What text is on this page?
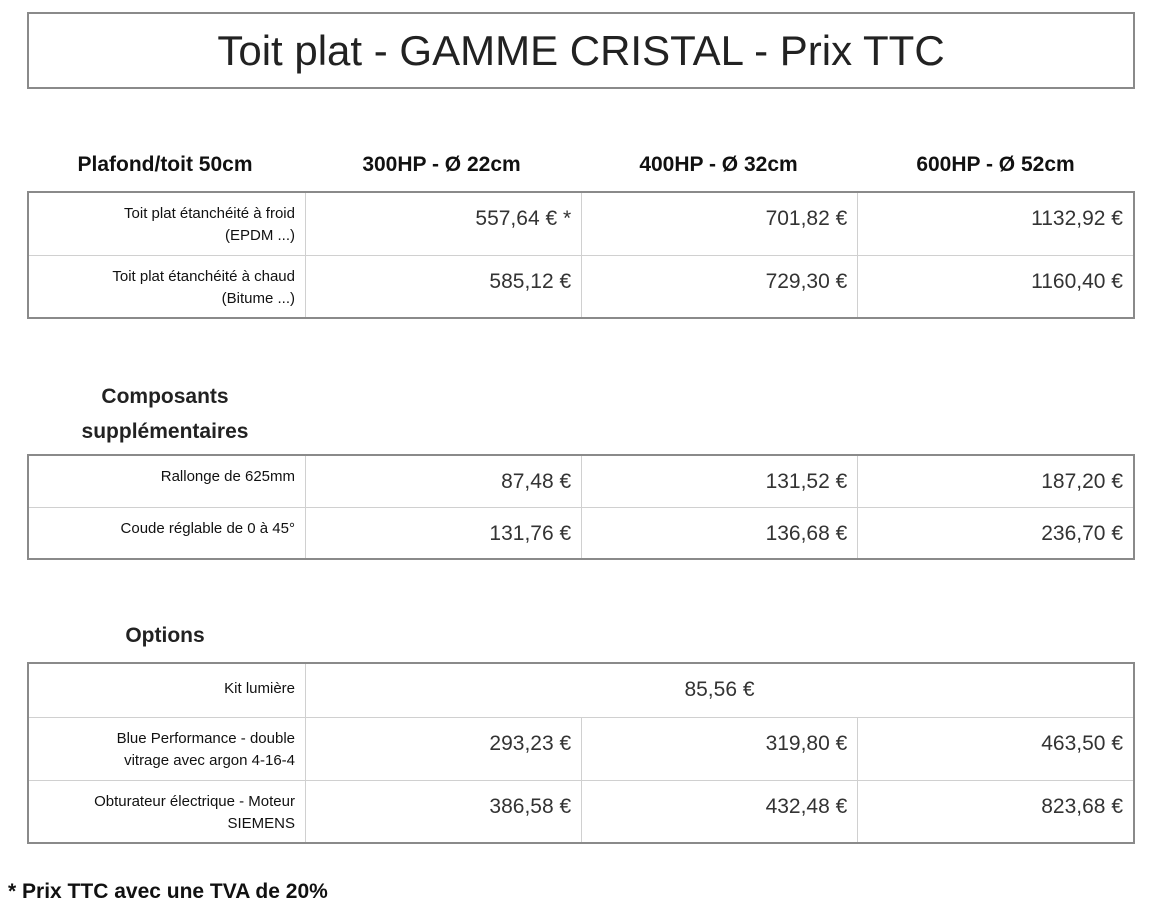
Toit plat - GAMME CRISTAL - Prix TTC
Plafond/toit 50cm	300HP - Ø 22cm	400HP - Ø 32cm	600HP - Ø 52cm
Toit plat étanchéité à froid
(EPDM ...)	557,64 € *	701,82 €	1132,92 €
Toit plat étanchéité à chaud
(Bitume ...)	585,12 €	729,30 €	1160,40 €
Composants
supplémentaires
Rallonge de 625mm	87,48 €	131,52 €	187,20 €
Coude réglable de 0 à 45°	131,76 €	136,68 €	236,70 €
Options
Kit lumière	85,56 €		
Blue Performance - double
vitrage avec argon 4-16-4	293,23 €	319,80 €	463,50 €
Obturateur électrique - Moteur
SIEMENS	386,58 €	432,48 €	823,68 €
* Prix TTC avec une TVA de 20%
